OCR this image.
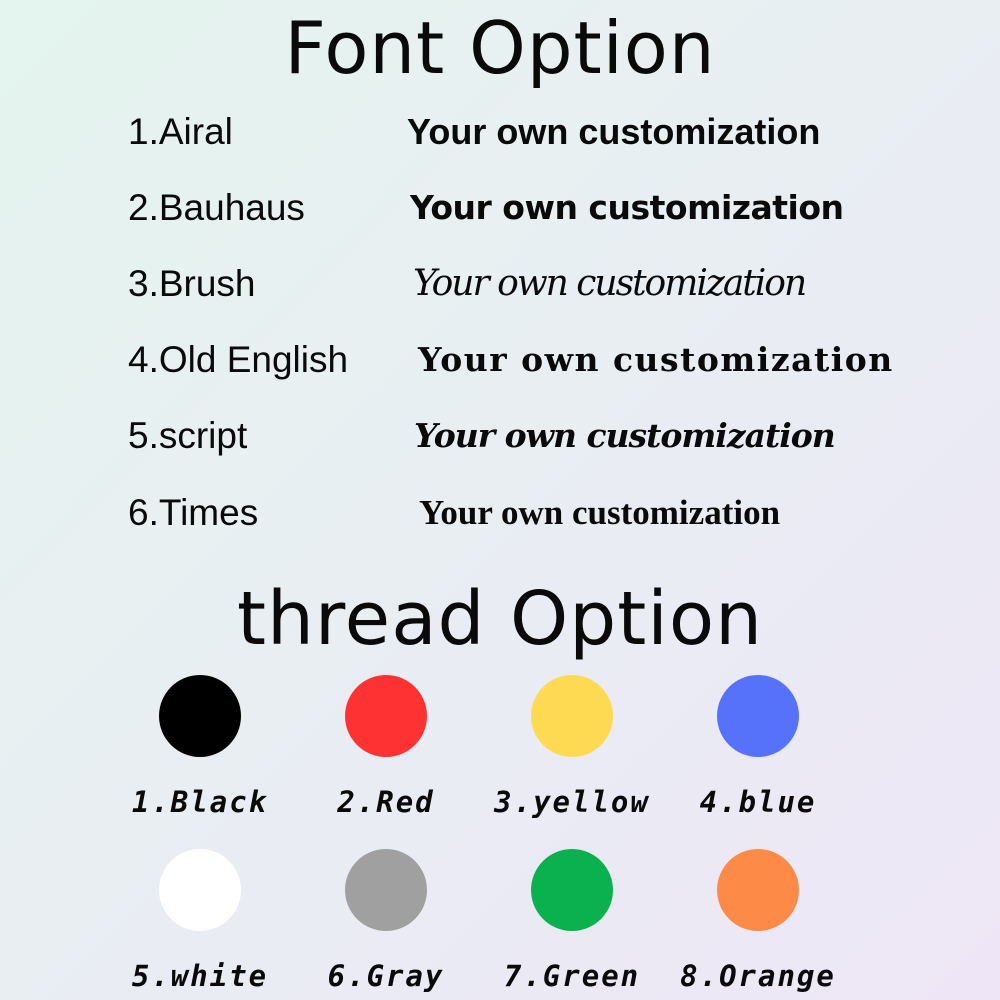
Font Option
1.Airal	Your own customization
2.Bauhaus	Your own customization
3.Brush	Your own customization
4.Old English Your own customization
5.script	Your own customization
6.Times	Your own customization
thread Option
1.Black	2.Red	3.yellow	4.blue
5.white	6.Gray	7.Green	8.Orange
